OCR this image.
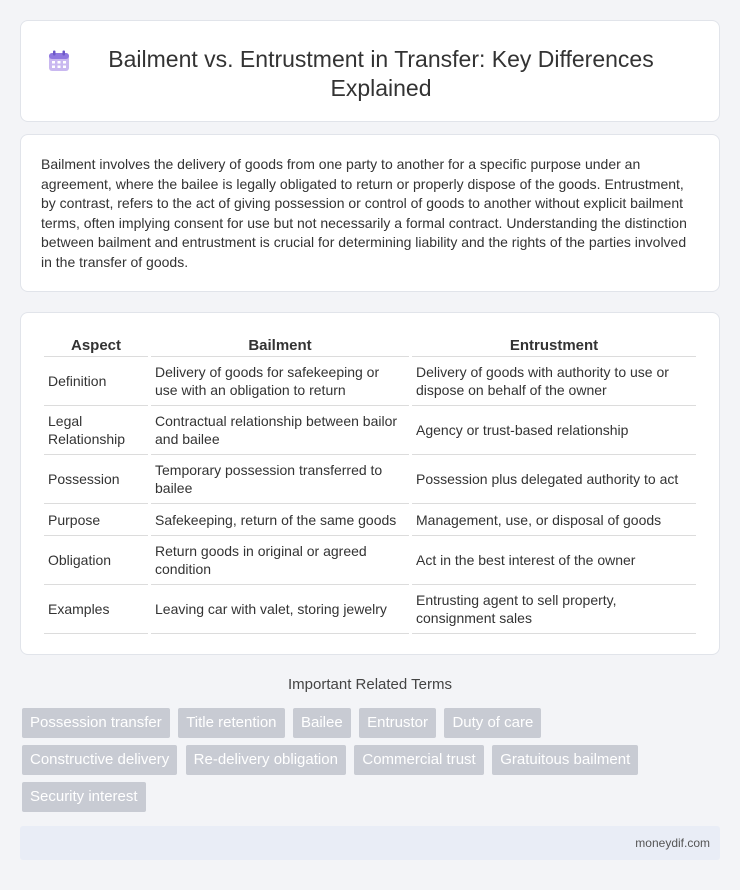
Bailment vs. Entrustment in Transfer: Key Differences Explained

Bailment involves the delivery of goods from one party to another for a specific purpose under an agreement, where the bailee is legally obligated to return or properly dispose of the goods. Entrustment, by contrast, refers to the act of giving possession or control of goods to another without explicit bailment terms, often implying consent for use but not necessarily a formal contract. Understanding the distinction between bailment and entrustment is crucial for determining liability and the rights of the parties involved in the transfer of goods.

Aspect	Bailment	Entrustment
Definition	Delivery of goods for safekeeping or use with an obligation to return	Delivery of goods with authority to use or dispose on behalf of the owner
Legal Relationship	Contractual relationship between bailor and bailee	Agency or trust-based relationship
Possession	Temporary possession transferred to bailee	Possession plus delegated authority to act
Purpose	Safekeeping, return of the same goods	Management, use, or disposal of goods
Obligation	Return goods in original or agreed condition	Act in the best interest of the owner
Examples	Leaving car with valet, storing jewelry	Entrusting agent to sell property, consignment sales
Important Related Terms
Possession transfer Title retention Bailee Entrustor Duty of care Constructive delivery Re-delivery obligation Commercial trust Gratuitous bailment Security interest
moneydif.com
